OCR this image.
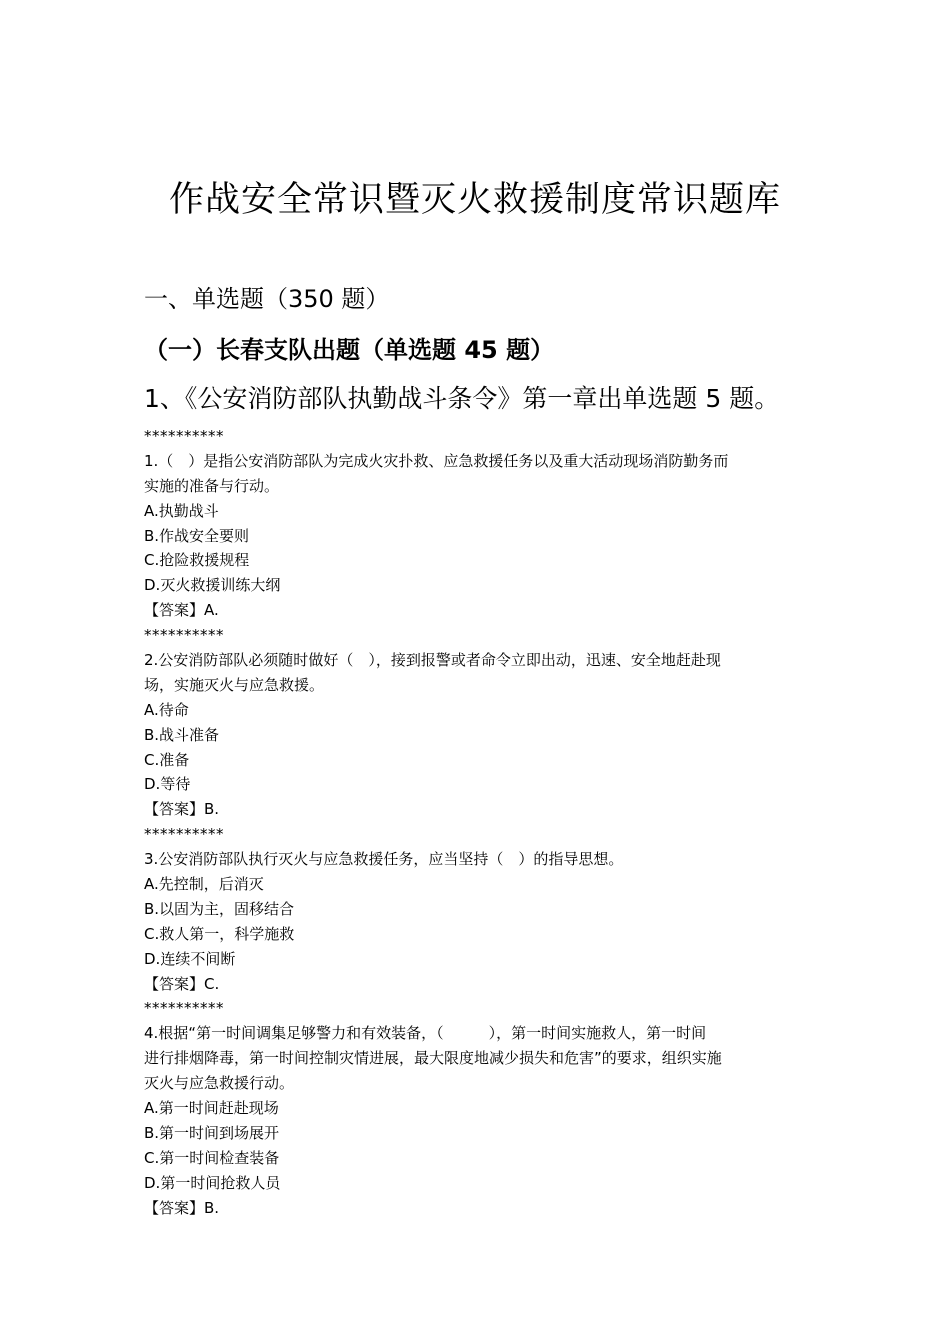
作战安全常识暨灭火救援制度常识题库
一、单选题（350 题）
（一）长春支队出题（单选题 45 题）
1、《公安消防部队执勤战斗条令》第一章出单选题 5 题。
**********
1.（　）是指公安消防部队为完成火灾扑救、应急救援任务以及重大活动现场消防勤务而
实施的准备与行动。
A.执勤战斗
B.作战安全要则
C.抢险救援规程
D.灭火救援训练大纲
【答案】A.
**********
2.公安消防部队必须随时做好（　），接到报警或者命令立即出动，迅速、安全地赶赴现
场，实施灭火与应急救援。
A.待命
B.战斗准备
C.准备
D.等待
【答案】B.
**********
3.公安消防部队执行灭火与应急救援任务，应当坚持（　）的指导思想。
A.先控制，后消灭
B.以固为主，固移结合
C.救人第一，科学施救
D.连续不间断
【答案】C.
**********
4.根据“第一时间调集足够警力和有效装备，（　　　），第一时间实施救人，第一时间
进行排烟降毒，第一时间控制灾情进展，最大限度地减少损失和危害”的要求，组织实施
灭火与应急救援行动。
A.第一时间赶赴现场
B.第一时间到场展开
C.第一时间检查装备
D.第一时间抢救人员
【答案】B.
